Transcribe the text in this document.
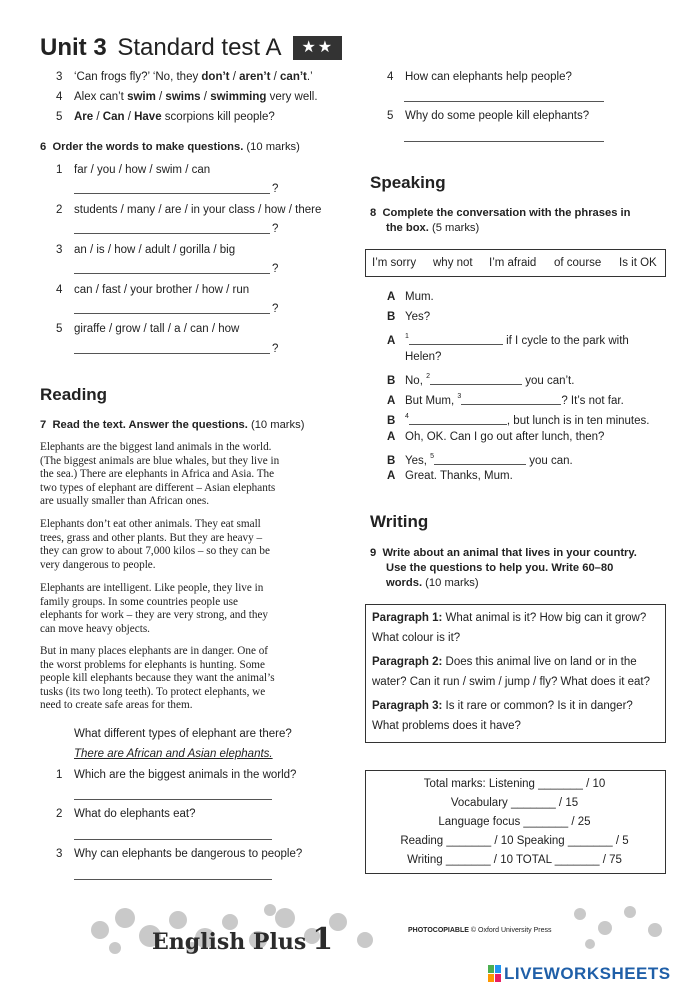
Unit 3 Standard test A ★★
3 ‘Can frogs fly?’ ‘No, they don’t / aren’t / can’t.’
4 Alex can’t swim / swims / swimming very well.
5 Are / Can / Have scorpions kill people?
6 Order the words to make questions. (10 marks)
1 far / you / how / swim / can
?
2 students / many / are / in your class / how / there
?
3 an / is / how / adult / gorilla / big
?
4 can / fast / your brother / how / run
?
5 giraffe / grow / tall / a / can / how
?
Reading
7 Read the text. Answer the questions. (10 marks)
Elephants are the biggest land animals in the world.
(The biggest animals are blue whales, but they live in
the sea.) There are elephants in Africa and Asia. The
two types of elephant are different – Asian elephants
are usually smaller than African ones.
Elephants don’t eat other animals. They eat small
trees, grass and other plants. But they are heavy –
they can grow to about 7,000 kilos – so they can be
very dangerous to people.
Elephants are intelligent. Like people, they live in
family groups. In some countries people use
elephants for work – they are very strong, and they
can move heavy objects.
But in many places elephants are in danger. One of
the worst problems for elephants is hunting. Some
people kill elephants because they want the animal’s
tusks (its two long teeth). To protect elephants, we
need to create safe areas for them.
What different types of elephant are there?
There are African and Asian elephants.
1 Which are the biggest animals in the world?
2 What do elephants eat?
3 Why can elephants be dangerous to people?
4 How can elephants help people?
5 Why do some people kill elephants?
Speaking
8 Complete the conversation with the phrases in
the box. (5 marks)
I’m sorry why not I’m afraid of course Is it OK
A Mum.
B Yes?
A $^1$	if I cycle to the park with
Helen?
B No, $^2$	you can’t.
A But Mum, $^3$	? It’s not far.
B $^4$	, but lunch is in ten minutes.
A Oh, OK. Can I go out after lunch, then?
B Yes, $^5$	you can.
A Great. Thanks, Mum.
Writing
9 Write about an animal that lives in your country.
Use the questions to help you. Write 60–80
words. (10 marks)
Paragraph 1: What animal is it? How big can it grow?
What colour is it?
Paragraph 2: Does this animal live on land or in the
water? Can it run / swim / jump / fly? What does it eat?
Paragraph 3: Is it rare or common? Is it in danger?
What problems does it have?
Total marks: Listening _______ / 10
Vocabulary _______ / 15
Language focus _______ / 25
Reading _______ / 10 Speaking _______ / 5
Writing _______ / 10 TOTAL _______ / 75
English Plus 1	PHOTOCOPIABLE © Oxford University Press
LIVEWORKSHEETS
